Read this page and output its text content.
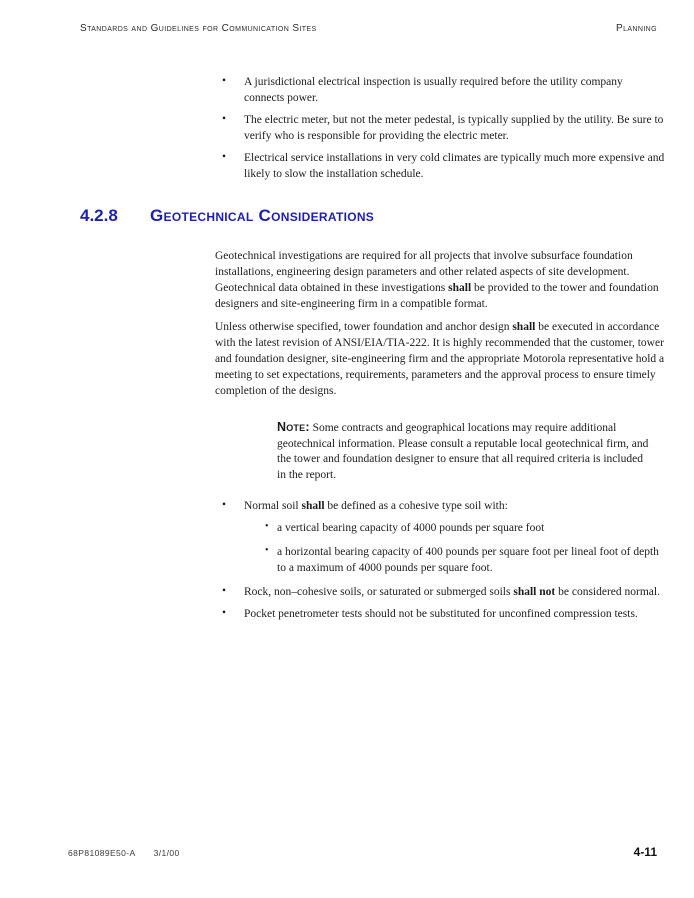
Standards and Guidelines for Communication Sites	Planning
• A jurisdictional electrical inspection is usually required before the utility company connects power.
• The electric meter, but not the meter pedestal, is typically supplied by the utility. Be sure to verify who is responsible for providing the electric meter.
• Electrical service installations in very cold climates are typically much more expensive and likely to slow the installation schedule.
4.2.8	Geotechnical Considerations

Geotechnical investigations are required for all projects that involve subsurface foundation installations, engineering design parameters and other related aspects of site development. Geotechnical data obtained in these investigations shall be provided to the tower and foundation designers and site-engineering firm in a compatible format.

Unless otherwise specified, tower foundation and anchor design shall be executed in accordance with the latest revision of ANSI/EIA/TIA-222. It is highly recommended that the customer, tower and foundation designer, site-engineering firm and the appropriate Motorola representative hold a meeting to set expectations, requirements, parameters and the approval process to ensure timely completion of the designs.

Note: Some contracts and geographical locations may require additional geotechnical information. Please consult a reputable local geotechnical firm, and the tower and foundation designer to ensure that all required criteria is included in the report.
• Normal soil shall be defined as a cohesive type soil with:
• a vertical bearing capacity of 4000 pounds per square foot
• a horizontal bearing capacity of 400 pounds per square foot per lineal foot of depth to a maximum of 4000 pounds per square foot.
• Rock, non–cohesive soils, or saturated or submerged soils shall not be considered normal.
• Pocket penetrometer tests should not be substituted for unconfined compression tests.
68P81089E50-A 3/1/00	4-11
